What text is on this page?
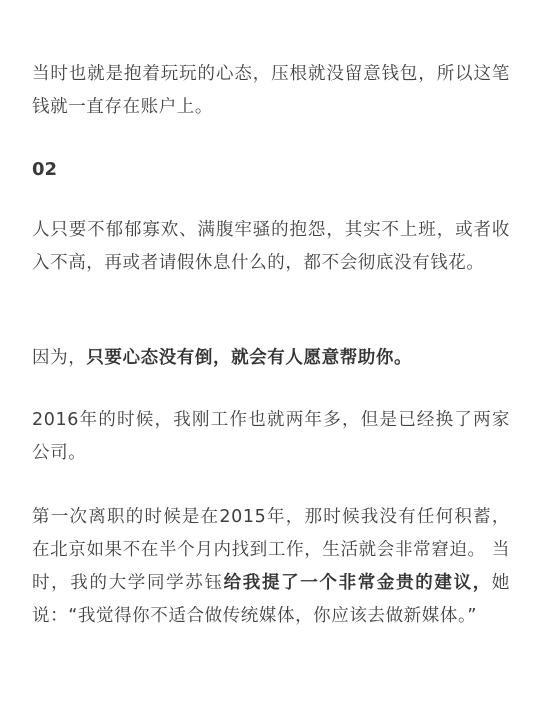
当时也就是抱着玩玩的心态，压根就没留意钱包，所以这笔钱就一直存在账户上。

02

人只要不郁郁寡欢、满腹牢骚的抱怨，其实不上班，或者收入不高，再或者请假休息什么的，都不会彻底没有钱花。

因为，只要心态没有倒，就会有人愿意帮助你。

2016年的时候，我刚工作也就两年多，但是已经换了两家公司。

第一次离职的时候是在2015年，那时候我没有任何积蓄，在北京如果不在半个月内找到工作，生活就会非常窘迫。 当时，我的大学同学苏钰给我提了一个非常金贵的建议，她说：“我觉得你不适合做传统媒体，你应该去做新媒体。”
